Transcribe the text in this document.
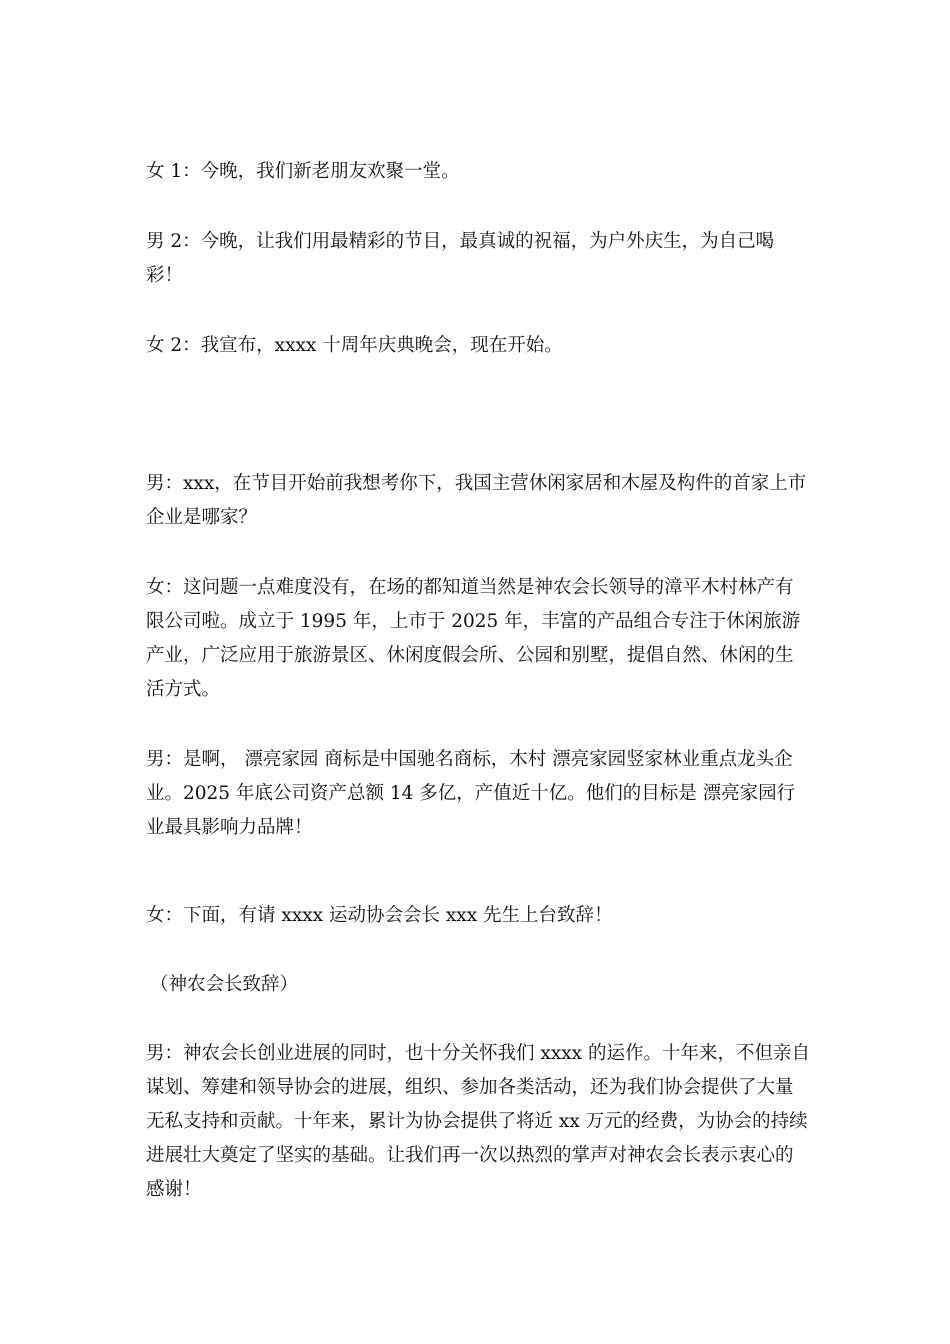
女 1：今晚，我们新老朋友欢聚一堂。

男 2：今晚，让我们用最精彩的节目，最真诚的祝福，为户外庆生，为自己喝彩！

女 2：我宣布，xxxx 十周年庆典晚会，现在开始。

男：xxx，在节目开始前我想考你下，我国主营休闲家居和木屋及构件的首家上市企业是哪家？

女：这问题一点难度没有，在场的都知道当然是神农会长领导的漳平木村林产有限公司啦。成立于 1995 年，上市于 2025 年，丰富的产品组合专注于休闲旅游产业，广泛应用于旅游景区、休闲度假会所、公园和别墅，提倡自然、休闲的生活方式。

男：是啊， 漂亮家园 商标是中国驰名商标，木村 漂亮家园竖家林业重点龙头企业。2025 年底公司资产总额 14 多亿，产值近十亿。他们的目标是 漂亮家园行业最具影响力品牌！

女：下面，有请 xxxx 运动协会会长 xxx 先生上台致辞！

（神农会长致辞）

男：神农会长创业进展的同时，也十分关怀我们 xxxx 的运作。十年来，不但亲自谋划、筹建和领导协会的进展，组织、参加各类活动，还为我们协会提供了大量无私支持和贡献。十年来，累计为协会提供了将近 xx 万元的经费，为协会的持续进展壮大奠定了坚实的基础。让我们再一次以热烈的掌声对神农会长表示衷心的感谢！
